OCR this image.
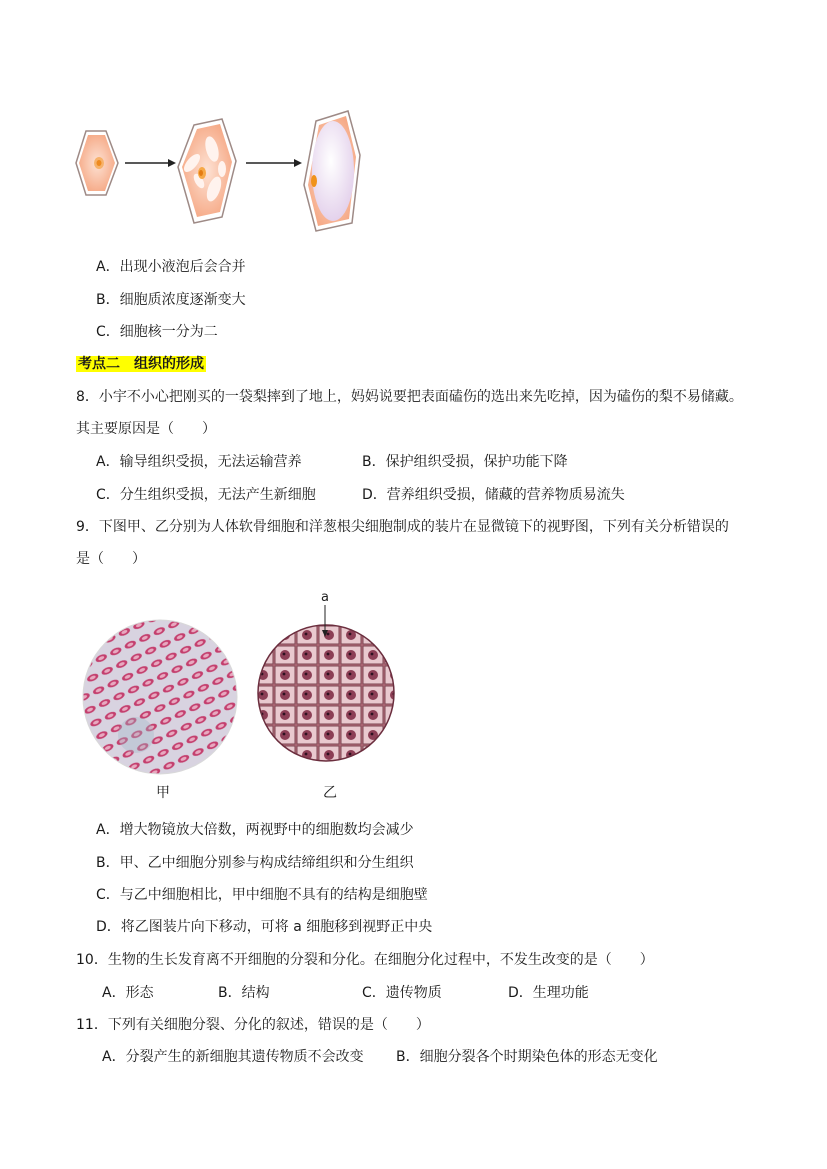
A．出现小液泡后会合并
B．细胞质浓度逐渐变大
C．细胞核一分为二
考点二　组织的形成
8．小宇不小心把刚买的一袋梨摔到了地上，妈妈说要把表面磕伤的选出来先吃掉，因为磕伤的梨不易储藏。
其主要原因是（　　）
A．输导组织受损，无法运输营养	B．保护组织受损，保护功能下降
C．分生组织受损，无法产生新细胞	D．营养组织受损，储藏的营养物质易流失
9．下图甲、乙分别为人体软骨细胞和洋葱根尖细胞制成的装片在显微镜下的视野图，下列有关分析错误的
是（　　）
a
甲	乙
A．增大物镜放大倍数，两视野中的细胞数均会减少
B．甲、乙中细胞分别参与构成结缔组织和分生组织
C．与乙中细胞相比，甲中细胞不具有的结构是细胞壁
D．将乙图装片向下移动，可将 a 细胞移到视野正中央
10．生物的生长发育离不开细胞的分裂和分化。在细胞分化过程中，不发生改变的是（　　）
A．形态	B．结构	C．遗传物质	D．生理功能
11．下列有关细胞分裂、分化的叙述，错误的是（　　）
A．分裂产生的新细胞其遗传物质不会改变 B．细胞分裂各个时期染色体的形态无变化
